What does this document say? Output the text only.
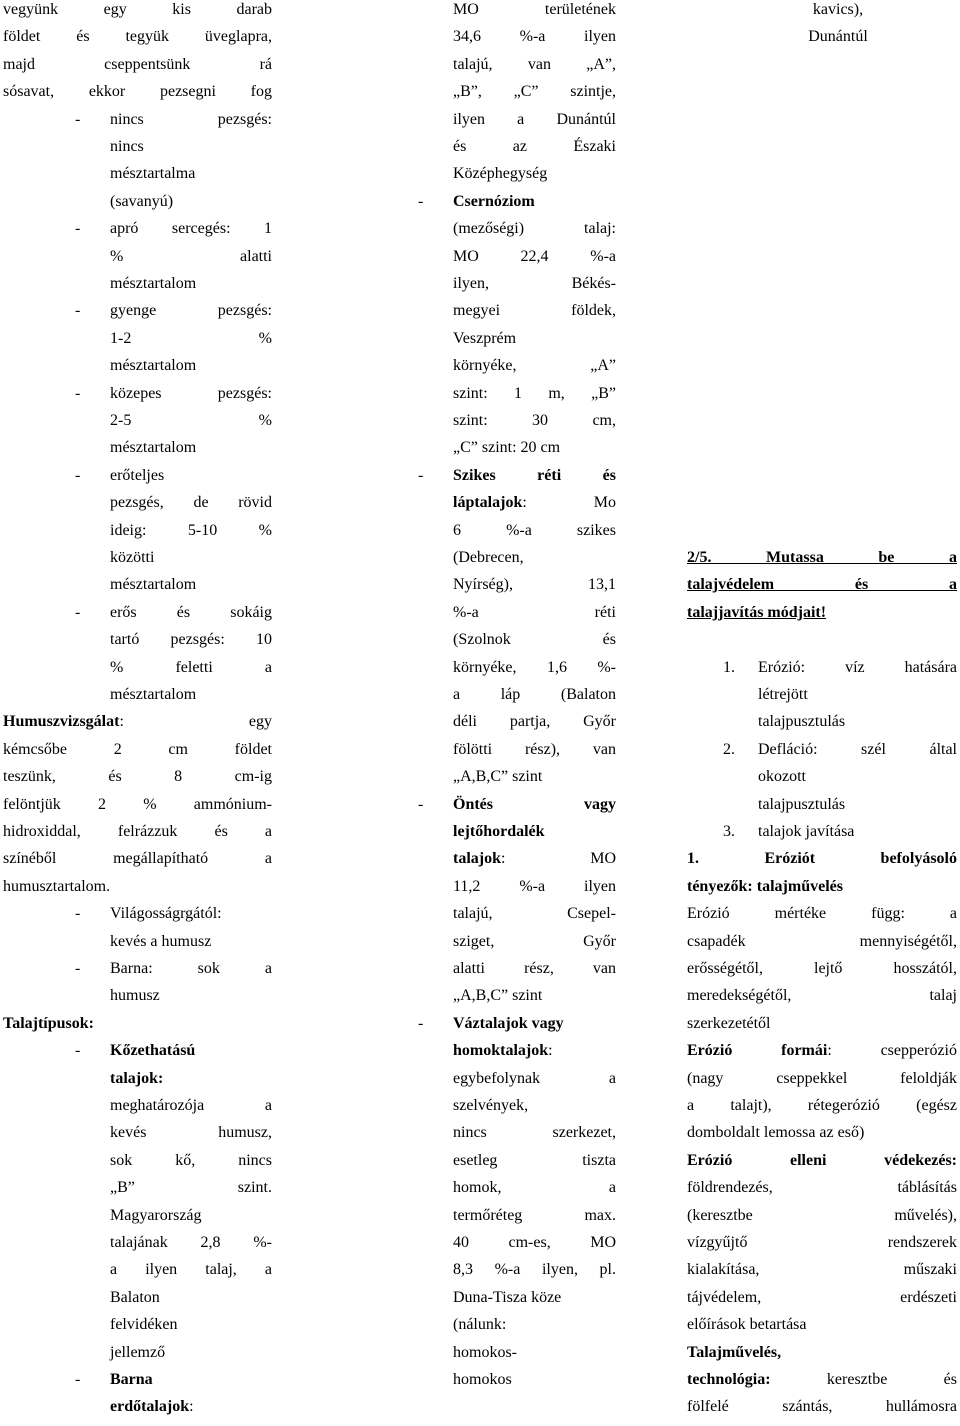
vegyünk egy kis darab
földet és tegyük üveglapra,
majd cseppentsünk rá
sósavat, ekkor pezsegni fog
nincs pezsgés:
-
nincs
mésztartalma
(savanyú)
apró sercegés: 1
-
% alatti
mésztartalom
gyenge pezsgés:
-
1-2 %
mésztartalom
közepes pezsgés:
-
2-5 %
mésztartalom
erőteljes
-
pezsgés, de rövid
ideig: 5-10 %
közötti
mésztartalom
erős és sokáig
-
tartó pezsgés: 10
% feletti a
mésztartalom
Humuszvizsgálat: egy
kémcsőbe 2 cm földet
teszünk, és 8 cm-ig
felöntjük 2 % ammónium-
hidroxiddal, felrázzuk és a
színéből megállapítható a
humusztartalom.
Világosságrgától:
-
kevés a humusz
Barna: sok a
-
humusz
Talajtípusok:
Kőzethatású
-
talajok:
meghatározója a
kevés humusz,
sok kő, nincs
„B” szint.
Magyarország
talajának 2,8 %-
a ilyen talaj, a
Balaton
felvidéken
jellemző
Barna
-
erdőtalajok:
MO területének
34,6 %-a ilyen
talajú, van „A”,
„B”, „C” szintje,
ilyen a Dunántúl
és az Északi
Középhegység
Csernóziom
-
(mezőségi) talaj:
MO 22,4 %-a
ilyen, Békés-
megyei földek,
Veszprém
környéke, „A”
szint: 1 m, „B”
szint: 30 cm,
„C” szint: 20 cm
Szikes réti és
-
láptalajok: Mo
6 %-a szikes
(Debrecen,
Nyírség), 13,1
%-a réti
(Szolnok és
környéke, 1,6 %-
a láp (Balaton
déli partja, Győr
fölötti rész), van
„A,B,C” szint
Öntés vagy
-
lejtőhordalék
talajok: MO
11,2 %-a ilyen
talajú, Csepel-
sziget, Győr
alatti rész, van
„A,B,C” szint
Váztalajok vagy
-
homoktalajok:
egybefolynak a
szelvények,
nincs szerkezet,
esetleg tiszta
homok, a
termőréteg max.
40 cm-es, MO
8,3 %-a ilyen, pl.
Duna-Tisza köze
(nálunk:
homokos-
homokos
kavics),
Dunántúl
2/5. Mutassa be a
talajvédelem és a
talajjavítás módjait!
Erózió: víz hatására
1.
létrejött
talajpusztulás
Defláció: szél által
2.
okozott
talajpusztulás
talajok javítása
3.
1. Eróziót befolyásoló
tényezők: talajművelés
Erózió mértéke függ: a
csapadék mennyiségétől,
erősségétől, lejtő hosszától,
meredekségétől, talaj
szerkezetétől
Erózió formái: csepperózió
(nagy cseppekkel feloldják
a talajt), rétegerózió (egész
domboldalt lemossa az eső)
Erózió elleni védekezés:
földrendezés, táblásítás
(keresztbe művelés),
vízgyűjtő rendszerek
kialakítása, műszaki
tájvédelem, erdészeti
előírások betartása
Talajművelés,
technológia: keresztbe és
fölfelé szántás, hullámosra
